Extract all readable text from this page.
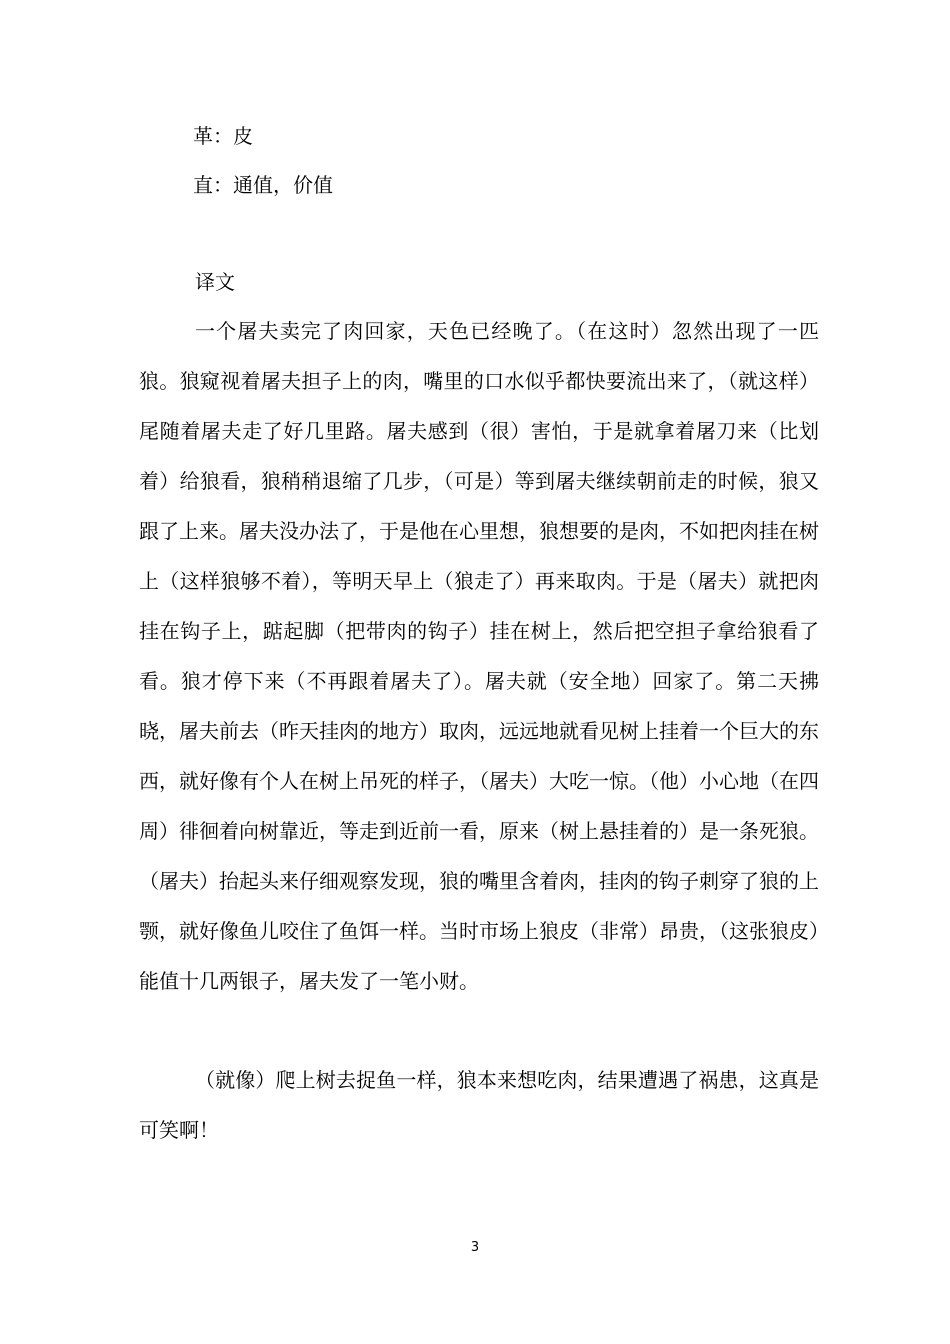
革：皮
直：通值，价值
译文

一个屠夫卖完了肉回家，天色已经晚了。（在这时）忽然出现了一匹狼。狼窥视着屠夫担子上的肉，嘴里的口水似乎都快要流出来了，（就这样）尾随着屠夫走了好几里路。屠夫感到（很）害怕，于是就拿着屠刀来（比划着）给狼看，狼稍稍退缩了几步，（可是）等到屠夫继续朝前走的时候，狼又跟了上来。屠夫没办法了，于是他在心里想，狼想要的是肉，不如把肉挂在树上（这样狼够不着），等明天早上（狼走了）再来取肉。于是（屠夫）就把肉挂在钩子上，踮起脚（把带肉的钩子）挂在树上，然后把空担子拿给狼看了看。狼才停下来（不再跟着屠夫了）。屠夫就（安全地）回家了。第二天拂晓，屠夫前去（昨天挂肉的地方）取肉，远远地就看见树上挂着一个巨大的东西，就好像有个人在树上吊死的样子，（屠夫）大吃一惊。（他）小心地（在四周）徘徊着向树靠近，等走到近前一看，原来（树上悬挂着的）是一条死狼。（屠夫）抬起头来仔细观察发现，狼的嘴里含着肉，挂肉的钩子刺穿了狼的上颚，就好像鱼儿咬住了鱼饵一样。当时市场上狼皮（非常）昂贵，（这张狼皮）能值十几两银子，屠夫发了一笔小财。

（就像）爬上树去捉鱼一样，狼本来想吃肉，结果遭遇了祸患，这真是可笑啊！

3
